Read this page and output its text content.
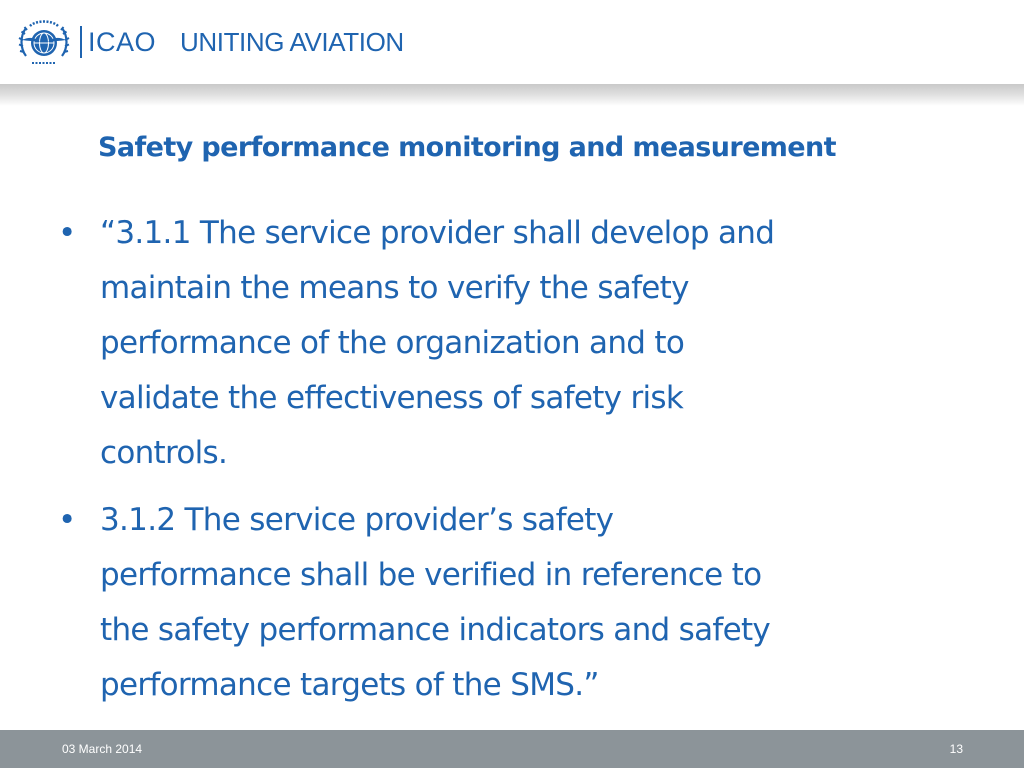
ICAO UNITING AVIATION
Safety performance monitoring and measurement
• “3.1.1 The service provider shall develop and
maintain the means to verify the safety
performance of the organization and to
validate the effectiveness of safety risk
controls.
• 3.1.2 The service provider’s safety
performance shall be verified in reference to
the safety performance indicators and safety
performance targets of the SMS.”
03 March 2014	13
